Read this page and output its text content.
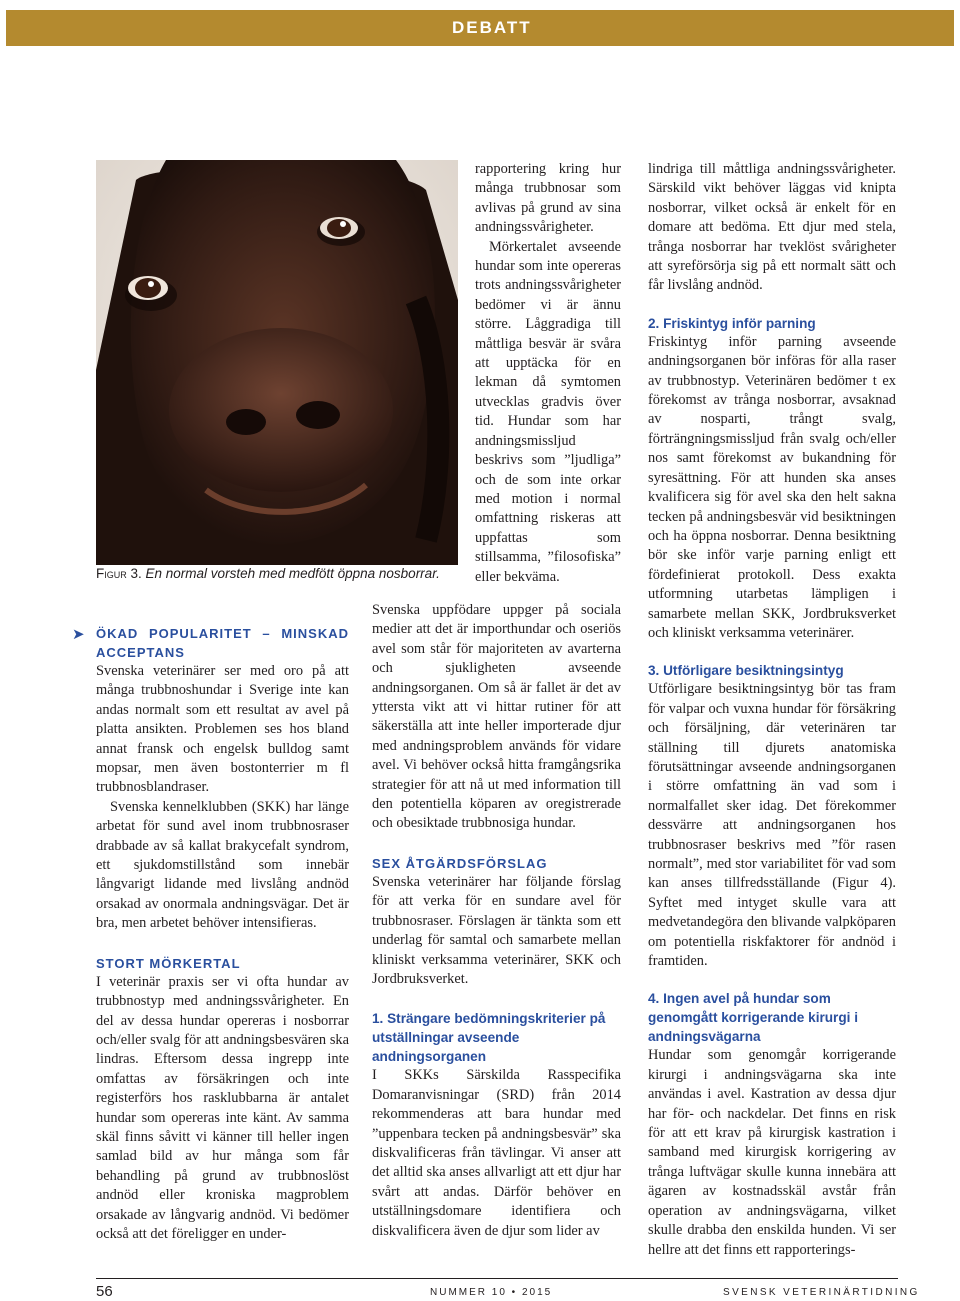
DEBATT
Figur 3. En normal vorsteh med medfött öppna nosborrar.
➤ ÖKAD POPULARITET – MINSKAD ACCEPTANS

Svenska veterinärer ser med oro på att många trubbnoshundar i Sverige inte kan andas normalt som ett resultat av avel på platta ansikten. Problemen ses hos bland annat fransk och engelsk bulldog samt mopsar, men även bostonterrier m fl trubbnosblandraser.

Svenska kennelklubben (SKK) har länge arbetat för sund avel inom trubbnosraser drabbade av så kallat brakycefalt syndrom, ett sjukdomstillstånd som innebär långvarigt lidande med livslång andnöd orsakad av onormala andningsvägar. Det är bra, men arbetet behöver intensifieras.

STORT MÖRKERTAL

I veterinär praxis ser vi ofta hundar av trubbnostyp med andningssvårigheter. En del av dessa hundar opereras i nosborrar och/eller svalg för att andningsbesvären ska lindras. Eftersom dessa ingrepp inte omfattas av försäkringen och inte registerförs hos rasklubbarna är antalet hundar som opereras inte känt. Av samma skäl finns såvitt vi känner till heller ingen samlad bild av hur många som får behandling på grund av trubbnoslöst andnöd eller kroniska magproblem orsakade av långvarig andnöd. Vi bedömer också att det föreligger en under-

rapportering kring hur många trubbnosar som avlivas på grund av sina andningssvårigheter.

Mörkertalet avseende hundar som inte opereras trots andningssvårigheter bedömer vi är ännu större. Låggradiga till måttliga besvär är svåra att upptäcka för en lekman då symtomen utvecklas gradvis över tid. Hundar som har andningsmissljud beskrivs som ”ljudliga” och de som inte orkar med motion i normal omfattning riskeras att uppfattas som stillsamma, ”filosofiska” eller bekväma.

Svenska uppfödare uppger på sociala medier att det är importhundar och oseriös avel som står för majoriteten av avarterna och sjukligheten avseende andningsorganen. Om så är fallet är det av yttersta vikt att vi hittar rutiner för att säkerställa att inte heller importerade djur med andningsproblem används för vidare avel. Vi behöver också hitta framgångsrika strategier för att nå ut med information till den potentiella köparen av oregistrerade och obesiktade trubbnosiga hundar.

SEX ÅTGÄRDSFÖRSLAG

Svenska veterinärer har följande förslag för att verka för en sundare avel för trubbnosraser. Förslagen är tänkta som ett underlag för samtal och samarbete mellan kliniskt verksamma veterinärer, SKK och Jordbruksverket.

1. Strängare bedömningskriterier på utställningar avseende andningsorganen

I SKKs Särskilda Rasspecifika Domaranvisningar (SRD) från 2014 rekommenderas att bara hundar med ”uppenbara tecken på andningsbesvär” ska diskvalificeras från tävlingar. Vi anser att det alltid ska anses allvarligt att ett djur har svårt att andas. Därför behöver en utställningsdomare identifiera och diskvalificera även de djur som lider av

lindriga till måttliga andningssvårigheter. Särskild vikt behöver läggas vid knipta nosborrar, vilket också är enkelt för en domare att bedöma. Ett djur med stela, trånga nosborrar har tveklöst svårigheter att syreförsörja sig på ett normalt sätt och får livslång andnöd.

2. Friskintyg inför parning

Friskintyg inför parning avseende andningsorganen bör införas för alla raser av trubbnostyp. Veterinären bedömer t ex förekomst av trånga nosborrar, avsaknad av nosparti, trångt svalg, förträngningsmissljud från svalg och/eller nos samt förekomst av bukandning för syresättning. För att hunden ska anses kvalificera sig för avel ska den helt sakna tecken på andningsbesvär vid besiktningen och ha öppna nosborrar. Denna besiktning bör ske inför varje parning enligt ett fördefinierat protokoll. Dess exakta utformning utarbetas lämpligen i samarbete mellan SKK, Jordbruksverket och kliniskt verksamma veterinärer.

3. Utförligare besiktningsintyg

Utförligare besiktningsintyg bör tas fram för valpar och vuxna hundar för försäkring och försäljning, där veterinären tar ställning till djurets anatomiska förutsättningar avseende andningsorganen i större omfattning än vad som i normalfallet sker idag. Det förekommer dessvärre att andningsorganen hos trubbnosraser beskrivs med ”för rasen normalt”, med stor variabilitet för vad som kan anses tillfredsställande (Figur 4). Syftet med intyget skulle vara att medvetandegöra den blivande valpköparen om potentiella riskfaktorer för andnöd i framtiden.

4. Ingen avel på hundar som genomgått korrigerande kirurgi i andningsvägarna

Hundar som genomgår korrigerande kirurgi i andningsvägarna ska inte användas i avel. Kastration av dessa djur har för- och nackdelar. Det finns en risk för att ett krav på kirurgisk kastration i samband med kirurgisk korrigering av trånga luftvägar skulle kunna innebära att ägaren av kostnadsskäl avstår från operation av andningsvägarna, vilket skulle drabba den enskilda hunden. Vi ser hellre att det finns ett rapporterings-

56	NUMMER 10 • 2015	SVENSK VETERINÄRTIDNING
